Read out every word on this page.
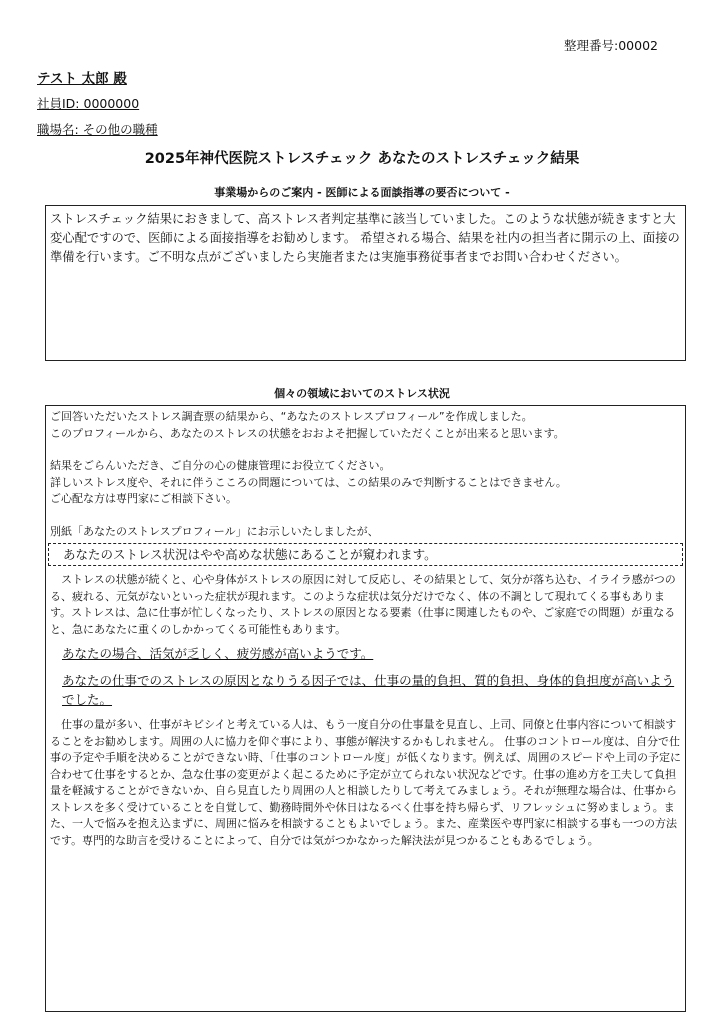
整理番号:00002
テスト 太郎 殿
社員ID: 0000000
職場名: その他の職種
2025年神代医院ストレスチェック あなたのストレスチェック結果
事業場からのご案内 - 医師による面談指導の要否について -
ストレスチェック結果におきまして、高ストレス者判定基準に該当していました。このような状態が続きますと大変心配ですので、医師による面接指導をお勧めします。 希望される場合、結果を社内の担当者に開示の上、面接の準備を行います。ご不明な点がございましたら実施者または実施事務従事者までお問い合わせください。
個々の領域においてのストレス状況

ご回答いただいたストレス調査票の結果から、“あなたのストレスプロフィール”を作成しました。

このプロフィールから、あなたのストレスの状態をおおよそ把握していただくことが出来ると思います。

結果をごらんいただき、ご自分の心の健康管理にお役立てください。

詳しいストレス度や、それに伴うこころの問題については、この結果のみで判断することはできません。

ご心配な方は専門家にご相談下さい。

別紙「あなたのストレスプロフィール」にお示しいたしましたが、

あなたのストレス状況はやや高めな状態にあることが窺われます。

ストレスの状態が続くと、心や身体がストレスの原因に対して反応し、その結果として、気分が落ち込む、イライラ感がつのる、疲れる、元気がないといった症状が現れます。このような症状は気分だけでなく、体の不調として現れてくる事もあります。ストレスは、急に仕事が忙しくなったり、ストレスの原因となる要素（仕事に関連したものや、ご家庭での問題）が重なると、急にあなたに重くのしかかってくる可能性もあります。

あなたの場合、活気が乏しく、疲労感が高いようです。

あなたの仕事でのストレスの原因となりうる因子では、仕事の量的負担、質的負担、身体的負担度が高いようでした。

仕事の量が多い、仕事がキビシイと考えている人は、もう一度自分の仕事量を見直し、上司、同僚と仕事内容について相談することをお勧めします。周囲の人に協力を仰ぐ事により、事態が解決するかもしれません。 仕事のコントロール度は、自分で仕事の予定や手順を決めることができない時、「仕事のコントロール度」が低くなります。例えば、周囲のスピードや上司の予定に合わせて仕事をするとか、急な仕事の変更がよく起こるために予定が立てられない状況などです。仕事の進め方を工夫して負担量を軽減することができないか、自ら見直したり周囲の人と相談したりして考えてみましょう。それが無理な場合は、仕事からストレスを多く受けていることを自覚して、勤務時間外や休日はなるべく仕事を持ち帰らず、リフレッシュに努めましょう。また、一人で悩みを抱え込まずに、周囲に悩みを相談することもよいでしょう。また、産業医や専門家に相談する事も一つの方法です。専門的な助言を受けることによって、自分では気がつかなかった解決法が見つかることもあるでしょう。
